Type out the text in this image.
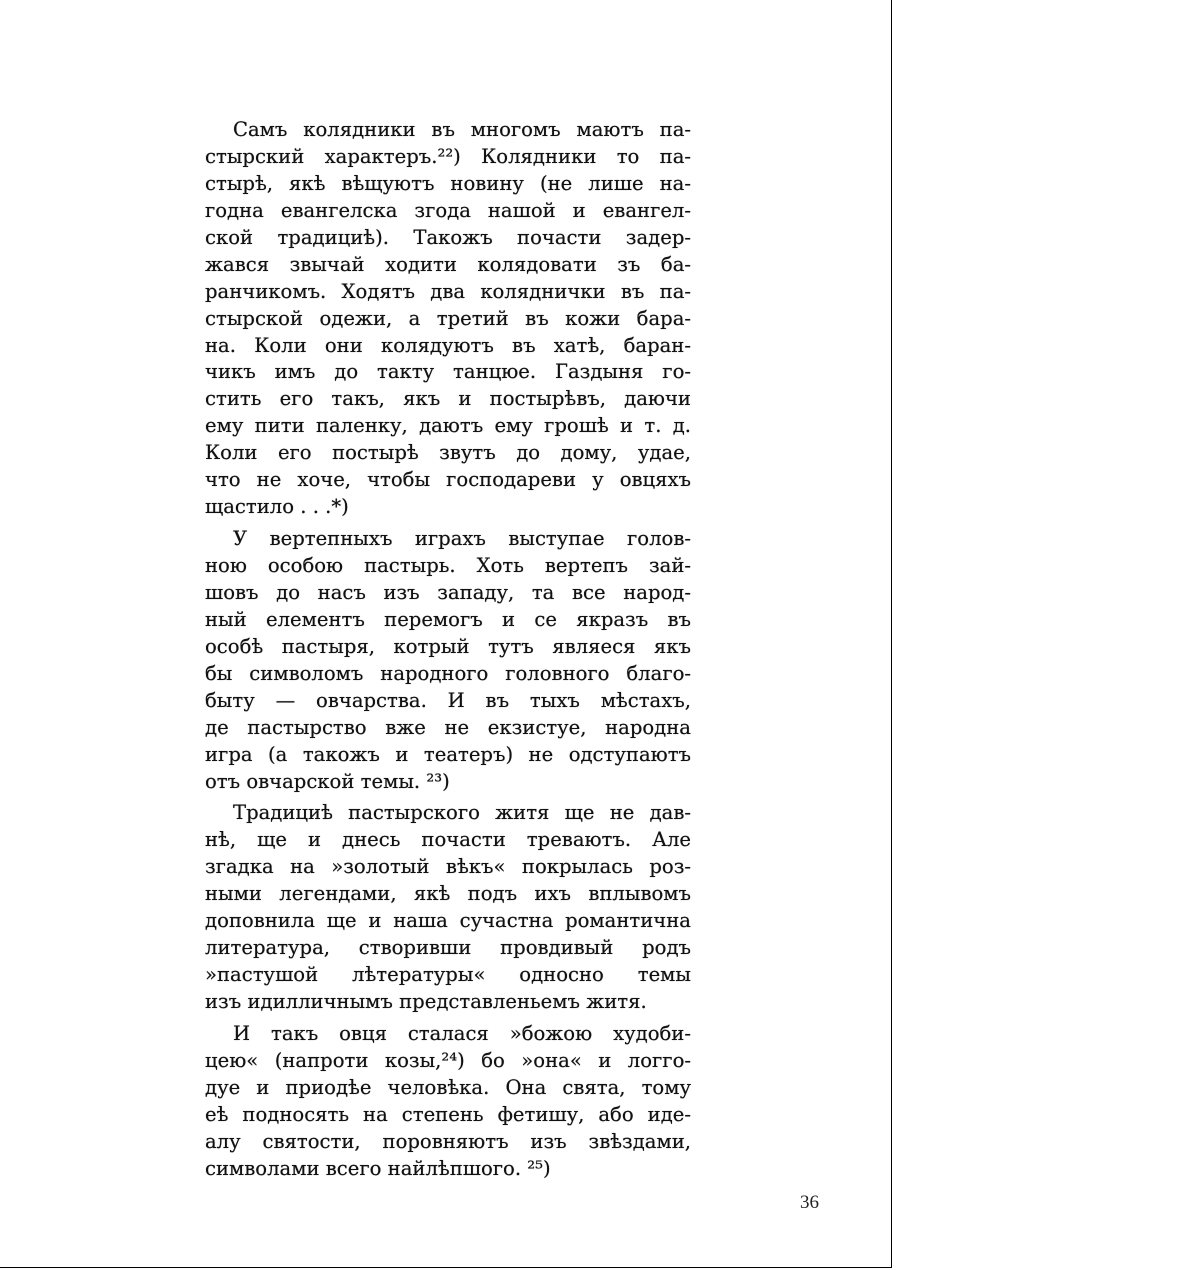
Самъ колядники въ многомъ маютъ па-
стырский характеръ.²²) Колядники то па-
стырѣ, якѣ вѣщуютъ новину (не лише на-
годна евангелска згода нашой и евангел-
ской традициѣ). Такожъ почасти задер-
жався звычай ходити колядовати зъ ба-
ранчикомъ. Ходятъ два коляднички въ па-
стырской одежи, а третий въ кожи бара-
на. Коли они колядуютъ въ хатѣ, баран-
чикъ имъ до такту танцюе. Газдыня го-
стить его такъ, якъ и постырѣвъ, даючи
ему пити паленку, даютъ ему грошѣ и т. д.
Коли его постырѣ звутъ до дому, удае,
что не хоче, чтобы господареви у овцяхъ
щастило . . .*)
У вертепныхъ играхъ выступае голов-
ною особою пастырь. Хоть вертепъ зай-
шовъ до насъ изъ западу, та все народ-
ный елементъ перемогъ и се якразъ въ
особѣ пастыря, котрый тутъ являеся якъ
бы символомъ народного головного благо-
быту — овчарства. И въ тыхъ мѣстахъ,
де пастырство вже не екзистуе, народна
игра (а такожъ и театеръ) не одступаютъ
отъ овчарской темы. ²³)
Традициѣ пастырского житя ще не дав-
нѣ, ще и днесь почасти треваютъ. Але
згадка на »золотый вѣкъ« покрылась роз-
ными легендами, якѣ подъ ихъ вплывомъ
доповнила ще и наша сучастна романтична
литература, створивши провдивый родъ
»пастушой лѣтературы« односно темы
изъ идилличнымъ представленьемъ житя.
И такъ овця сталася »божою худоби-
цею« (напроти козы,²⁴) бо »она« и логго-
дуе и приодѣе человѣка. Она свята, тому
еѣ подносять на степень фетишу, або иде-
алу святости, поровняютъ изъ звѣздами,
символами всего найлѣпшого. ²⁵)
36
